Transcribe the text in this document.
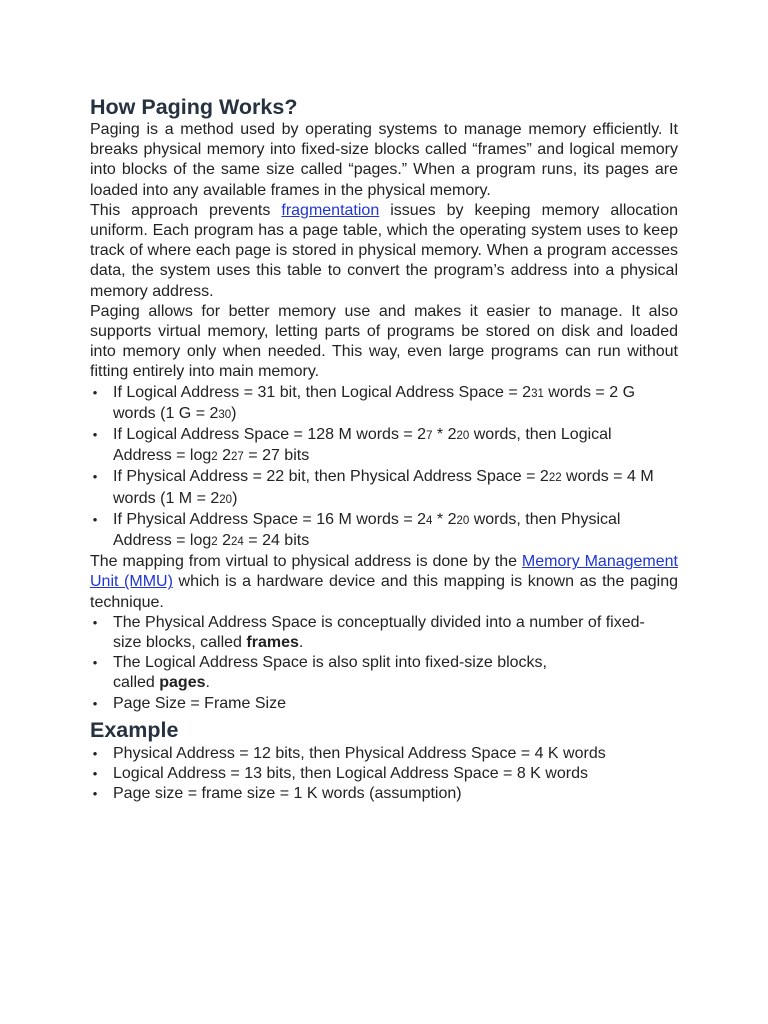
How Paging Works?

Paging is a method used by operating systems to manage memory efficiently. It breaks physical memory into fixed-size blocks called “frames” and logical memory into blocks of the same size called “pages.” When a program runs, its pages are loaded into any available frames in the physical memory.

This approach prevents fragmentation issues by keeping memory allocation uniform. Each program has a page table, which the operating system uses to keep track of where each page is stored in physical memory. When a program accesses data, the system uses this table to convert the program’s address into a physical memory address.

Paging allows for better memory use and makes it easier to manage. It also supports virtual memory, letting parts of programs be stored on disk and loaded into memory only when needed. This way, even large programs can run without fitting entirely into main memory.

• If Logical Address = 31 bit, then Logical Address Space = 231 words = 2 G words (1 G = 230)
• If Logical Address Space = 128 M words = 27 * 220 words, then Logical Address = log2 227 = 27 bits
• If Physical Address = 22 bit, then Physical Address Space = 222 words = 4 M words (1 M = 220)
• If Physical Address Space = 16 M words = 24 * 220 words, then Physical Address = log2 224 = 24 bits

The mapping from virtual to physical address is done by the Memory Management Unit (MMU) which is a hardware device and this mapping is known as the paging technique.

• The Physical Address Space is conceptually divided into a number of fixed-size blocks, called frames.
• The Logical Address Space is also split into fixed-size blocks, called pages.
• Page Size = Frame Size
Example
• Physical Address = 12 bits, then Physical Address Space = 4 K words
• Logical Address = 13 bits, then Logical Address Space = 8 K words
• Page size = frame size = 1 K words (assumption)
